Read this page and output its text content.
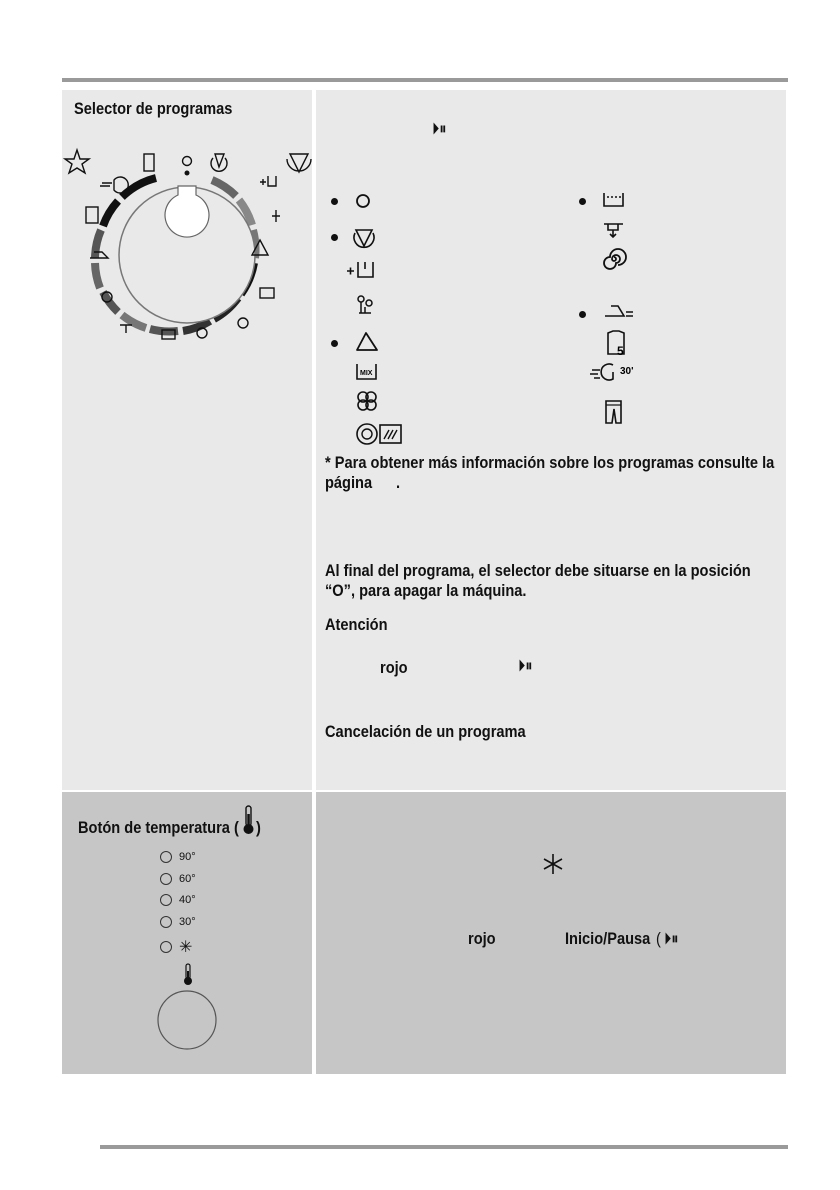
Selector de programas
⏵⏸
MIX
5
30'
* Para obtener más información sobre los programas consulte la
página .
Al final del programa, el selector debe situarse en la posición
“O”, para apagar la máquina.
Atención
rojo	⏵⏸
Cancelación de un programa
Botón de temperatura ( )
90°
60°
40°
30°
✳	rojo	Inicio/Pausa ( ⏵⏸
